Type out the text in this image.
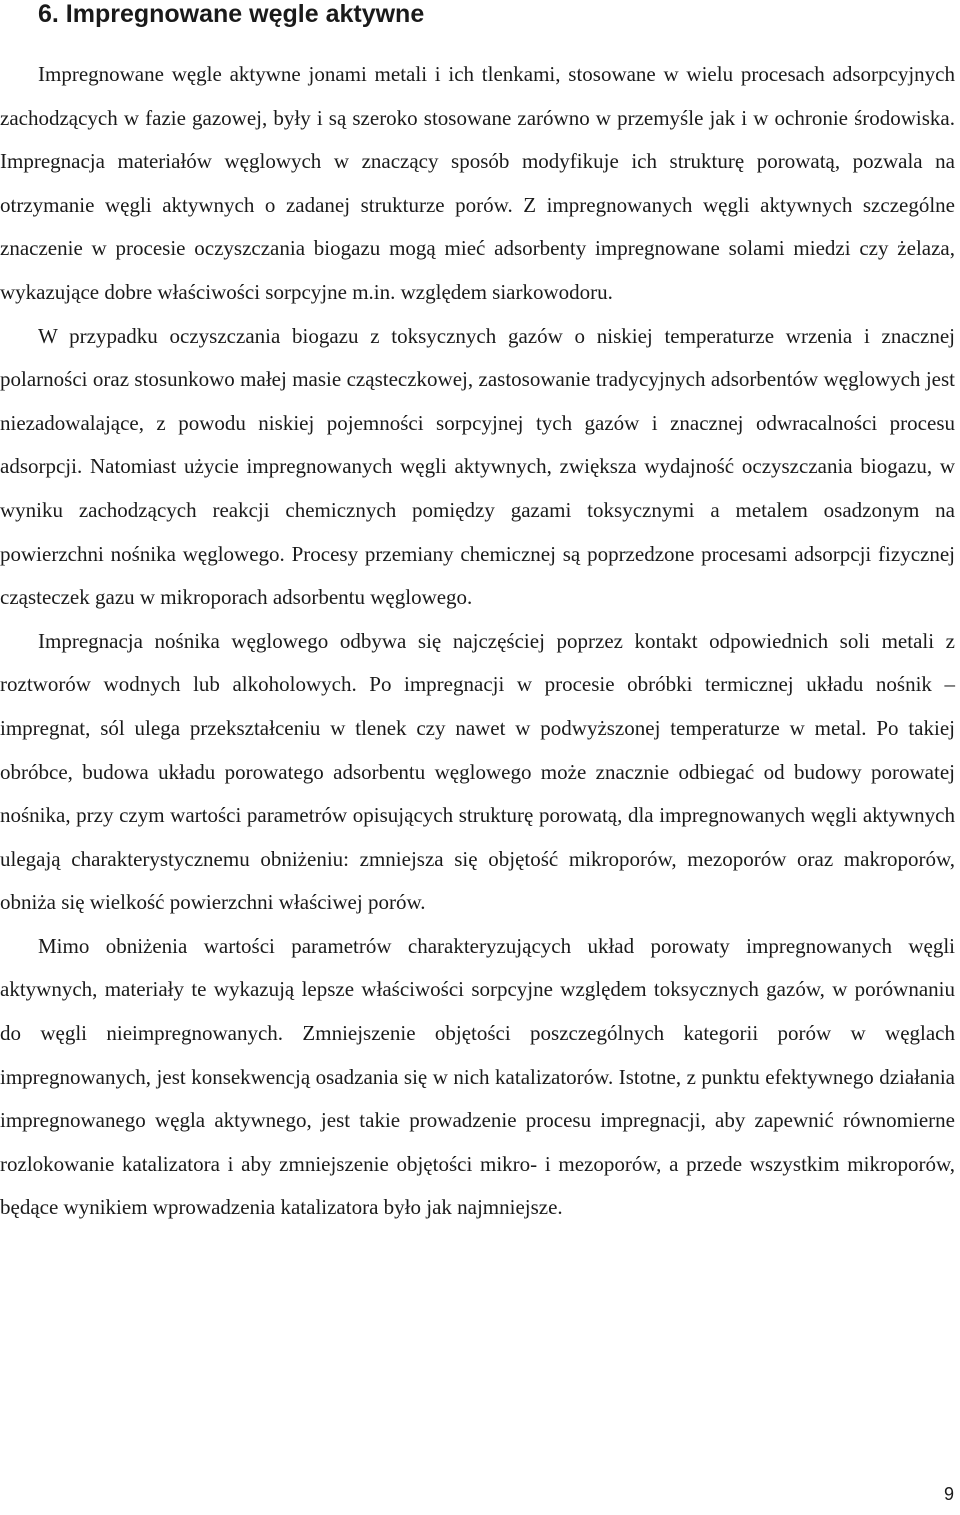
6. Impregnowane węgle aktywne

Impregnowane węgle aktywne jonami metali i ich tlenkami, stosowane w wielu procesach adsorpcyjnych zachodzących w fazie gazowej, były i są szeroko stosowane zarówno w przemyśle jak i w ochronie środowiska. Impregnacja materiałów węglowych w znaczący sposób modyfikuje ich strukturę porowatą, pozwala na otrzymanie węgli aktywnych o zadanej strukturze porów. Z impregnowanych węgli aktywnych szczególne znaczenie w procesie oczyszczania biogazu mogą mieć adsorbenty impregnowane solami miedzi czy żelaza, wykazujące dobre właściwości sorpcyjne m.in. względem siarkowodoru.

W przypadku oczyszczania biogazu z toksycznych gazów o niskiej temperaturze wrzenia i znacznej polarności oraz stosunkowo małej masie cząsteczkowej, zastosowanie tradycyjnych adsorbentów węglowych jest niezadowalające, z powodu niskiej pojemności sorpcyjnej tych gazów i znacznej odwracalności procesu adsorpcji. Natomiast użycie impregnowanych węgli aktywnych, zwiększa wydajność oczyszczania biogazu, w wyniku zachodzących reakcji chemicznych pomiędzy gazami toksycznymi a metalem osadzonym na powierzchni nośnika węglowego. Procesy przemiany chemicznej są poprzedzone procesami adsorpcji fizycznej cząsteczek gazu w mikroporach adsorbentu węglowego.

Impregnacja nośnika węglowego odbywa się najczęściej poprzez kontakt odpowiednich soli metali z roztworów wodnych lub alkoholowych. Po impregnacji w procesie obróbki termicznej układu nośnik – impregnat, sól ulega przekształceniu w tlenek czy nawet w podwyższonej temperaturze w metal. Po takiej obróbce, budowa układu porowatego adsorbentu węglowego może znacznie odbiegać od budowy porowatej nośnika, przy czym wartości parametrów opisujących strukturę porowatą, dla impregnowanych węgli aktywnych ulegają charakterystycznemu obniżeniu: zmniejsza się objętość mikroporów, mezoporów oraz makroporów, obniża się wielkość powierzchni właściwej porów.

Mimo obniżenia wartości parametrów charakteryzujących układ porowaty impregnowanych węgli aktywnych, materiały te wykazują lepsze właściwości sorpcyjne względem toksycznych gazów, w porównaniu do węgli nieimpregnowanych. Zmniejszenie objętości poszczególnych kategorii porów w węglach impregnowanych, jest konsekwencją osadzania się w nich katalizatorów. Istotne, z punktu efektywnego działania impregnowanego węgla aktywnego, jest takie prowadzenie procesu impregnacji, aby zapewnić równomierne rozlokowanie katalizatora i aby zmniejszenie objętości mikro- i mezoporów, a przede wszystkim mikroporów, będące wynikiem wprowadzenia katalizatora było jak najmniejsze.

9
